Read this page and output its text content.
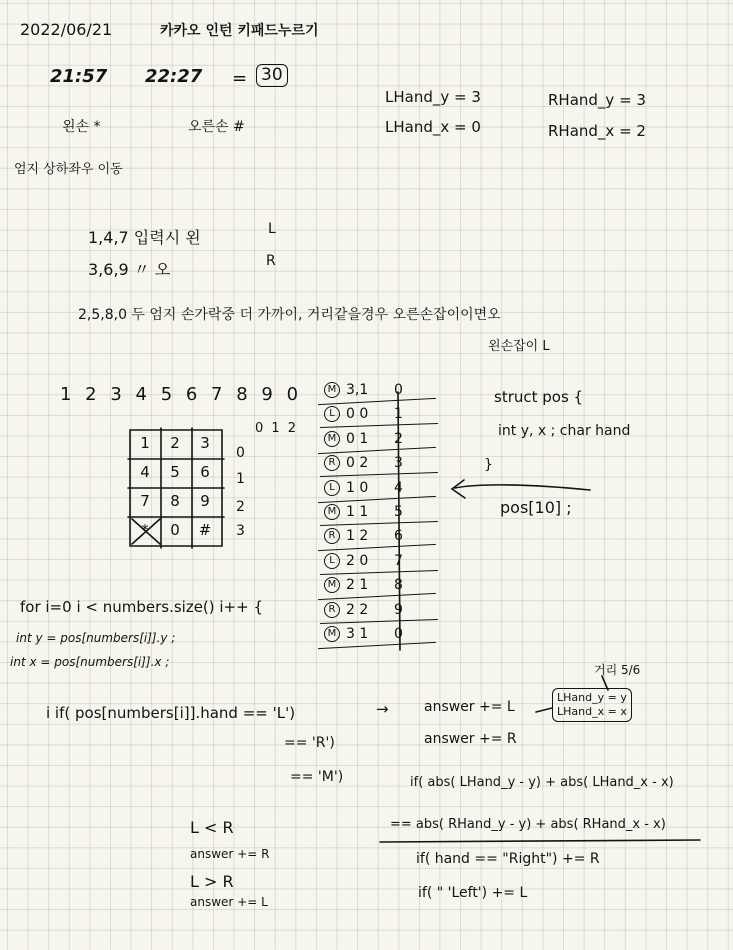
2022/06/21	카카오 인턴 키패드누르기
21:57 22:27 = 30
LHand_y = 3	RHand_y = 3
LHand_x = 0	RHand_x = 2
왼손 *	오른손 #
엄지 상하좌우 이동
1,4,7 입력시 왼	L
3,6,9 〃 오	R
2,5,8,0 두 엄지 손가락중 더 가까이, 거리같을경우 오른손잡이이면오
왼손잡이 L
1 2 3 4 5 6 7 8 9 0
1	2	3
4	5	6
7	8	9
*	0	#
0 1 2
0
1
2
3
M 3,1 0
L 0 0 1
M 0 1 2
R 0 2 3
L 1 0 4
M 1 1 5
R 1 2 6
L 2 0 7
M 2 1 8
R 2 2 9
M 3 1 0
struct pos {
int y, x ; char hand
}
pos[10] ;
for i=0 i < numbers.size() i++ {
int y = pos[numbers[i]].y ;
int x = pos[numbers[i]].x ;
i if( pos[numbers[i]].hand == 'L')	→	answer += L
== 'R')	answer += R
== 'M')
거리 5/6
LHand_y = y
LHand_x = x
if( abs( LHand_y - y) + abs( LHand_x - x)
== abs( RHand_y - y) + abs( RHand_x - x)
if( hand == "Right") += R
if( " 'Left') += L
L < R
answer += R
L > R
answer += L
